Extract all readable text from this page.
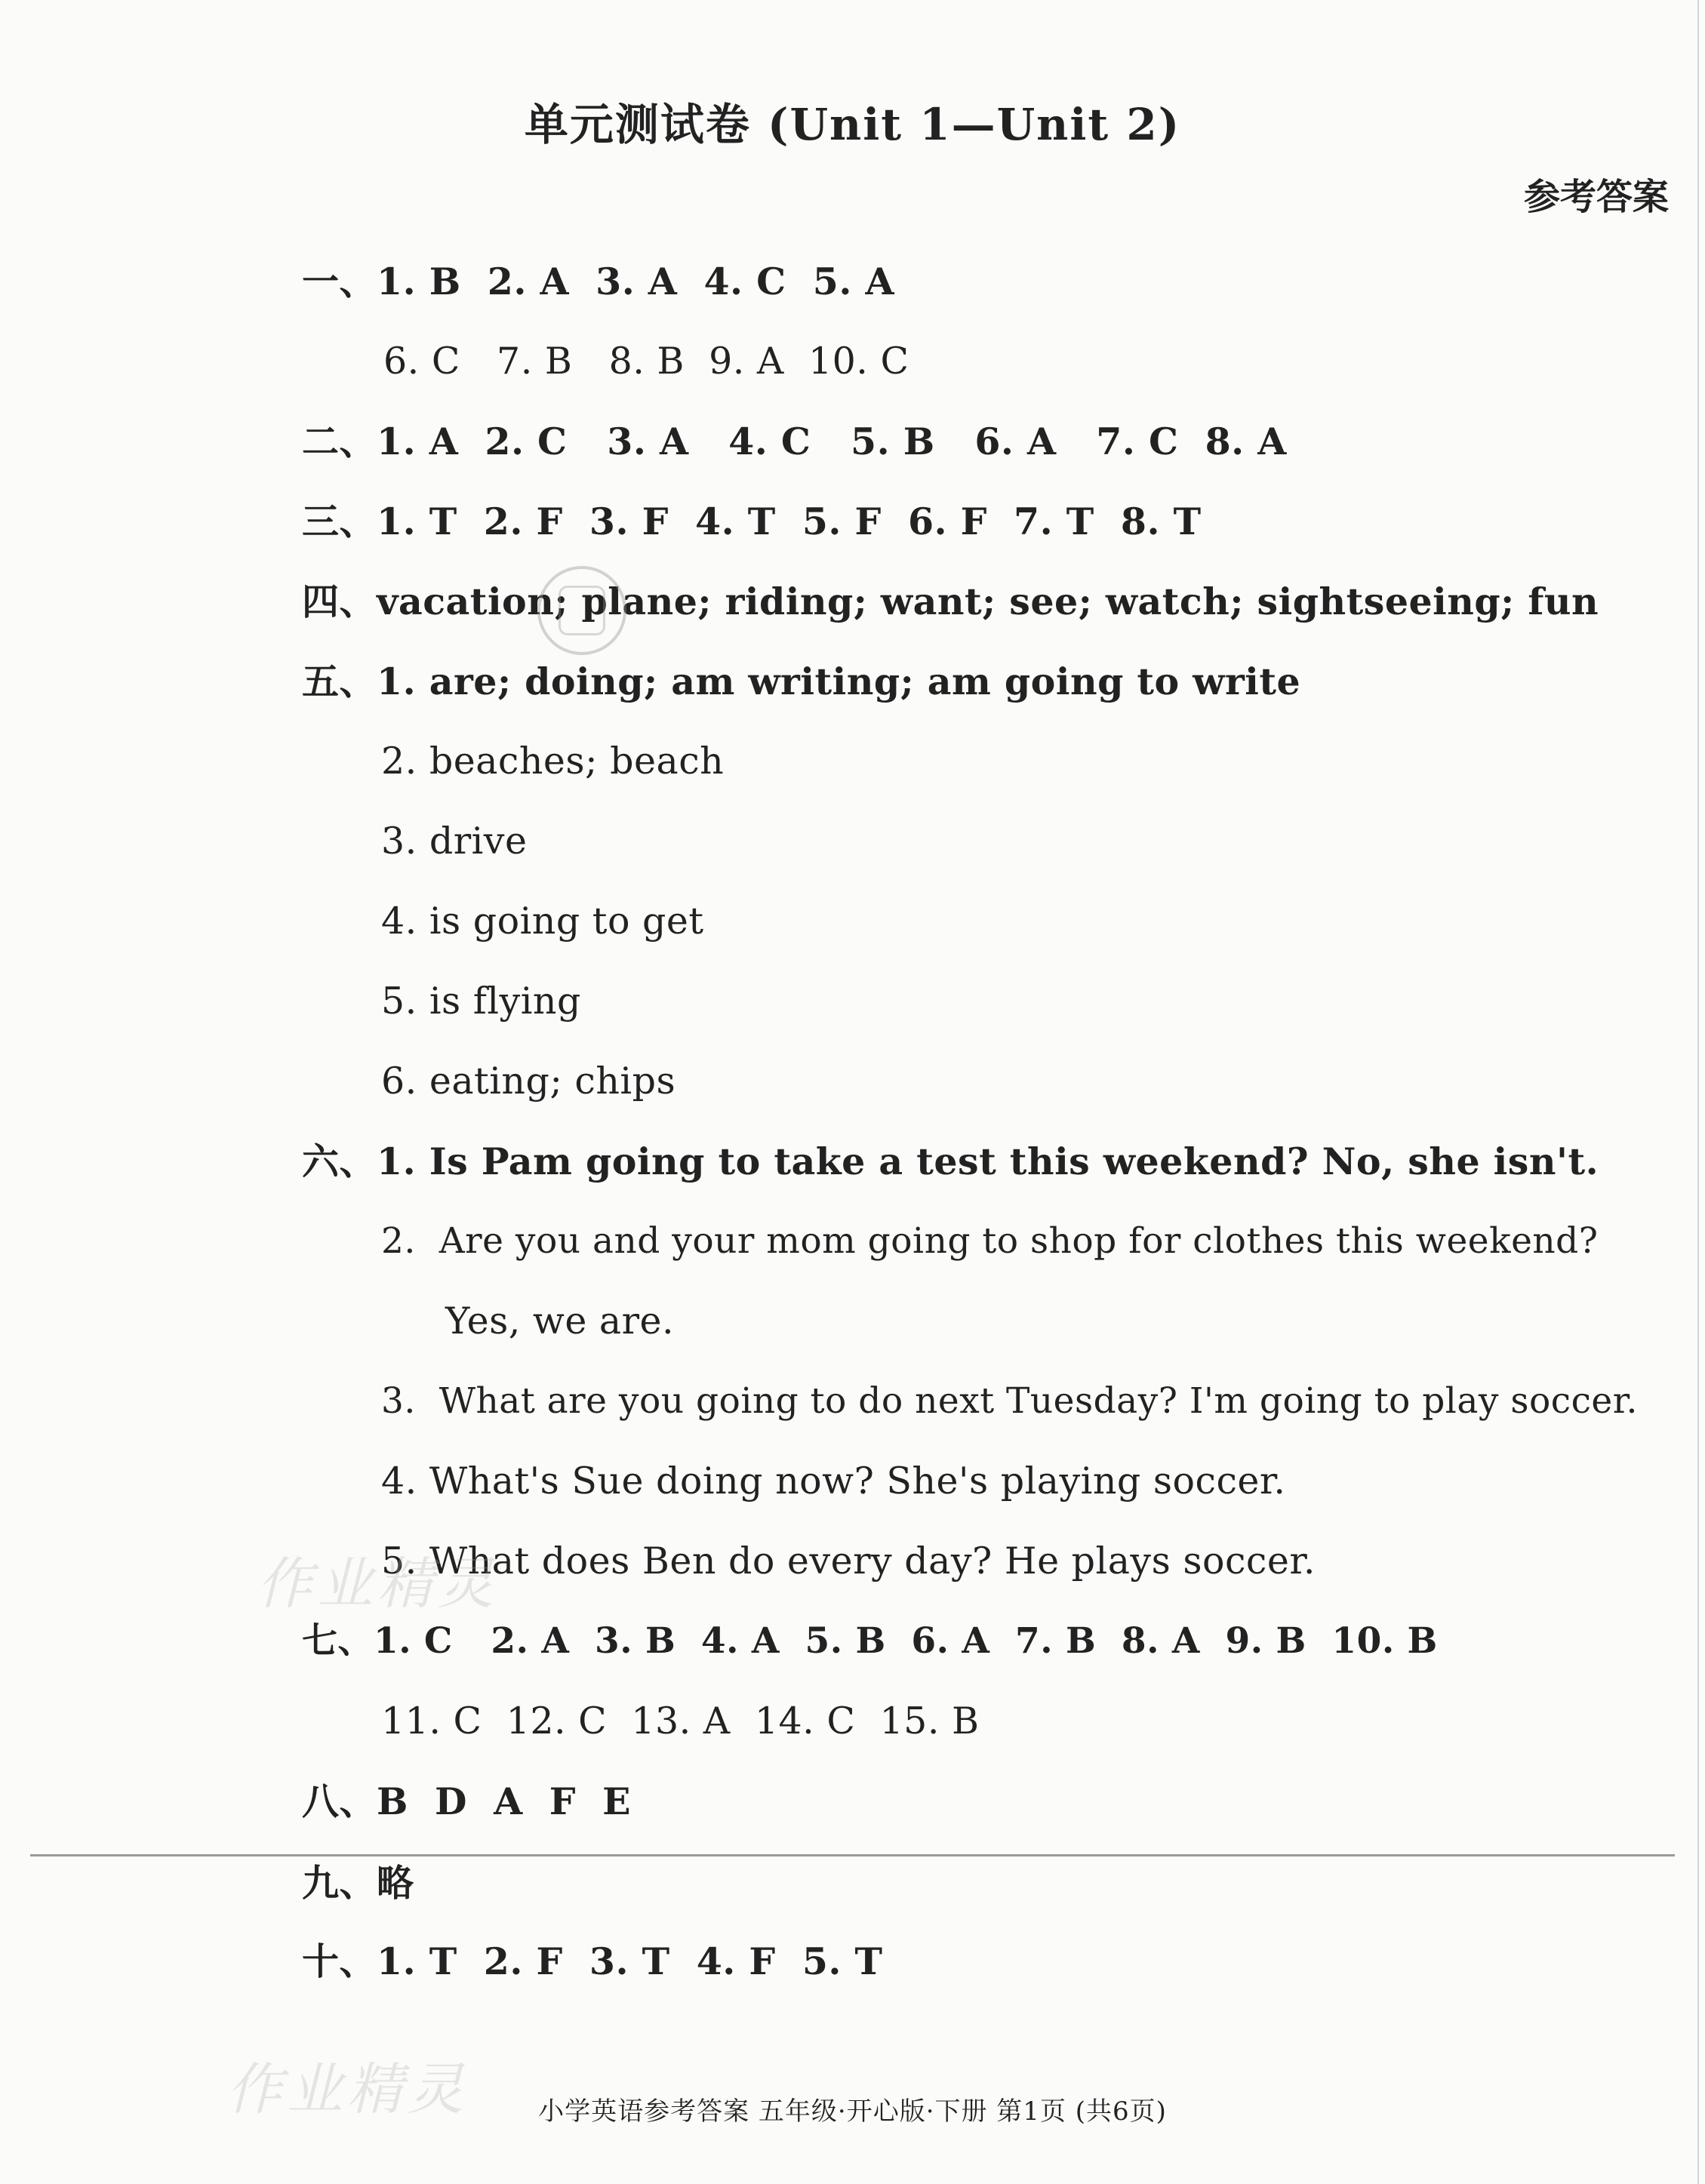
单元测试卷 (Unit 1—Unit 2)
参考答案
一、1. B  2. A  3. A  4. C  5. A
6. C   7. B   8. B  9. A  10. C
二、1. A  2. C   3. A   4. C   5. B   6. A   7. C  8. A
三、1. T  2. F  3. F  4. T  5. F  6. F  7. T  8. T
四、vacation; plane; riding; want; see; watch; sightseeing; fun
五、1. are; doing; am writing; am going to write
2. beaches; beach
3. drive
4. is going to get
5. is flying
6. eating; chips
六、1. Is Pam going to take a test this weekend? No, she isn't.
2.  Are you and your mom going to shop for clothes this weekend?
Yes, we are.
3.  What are you going to do next Tuesday? I'm going to play soccer.
4. What's Sue doing now? She's playing soccer.
5. What does Ben do every day? He plays soccer.
七、1. C   2. A  3. B  4. A  5. B  6. A  7. B  8. A  9. B  10. B
11. C  12. C  13. A  14. C  15. B
八、B  D  A  F  E
九、略
十、1. T  2. F  3. T  4. F  5. T
作业精灵
作业精灵	小学英语参考答案 五年级·开心版·下册 第1页 (共6页)
